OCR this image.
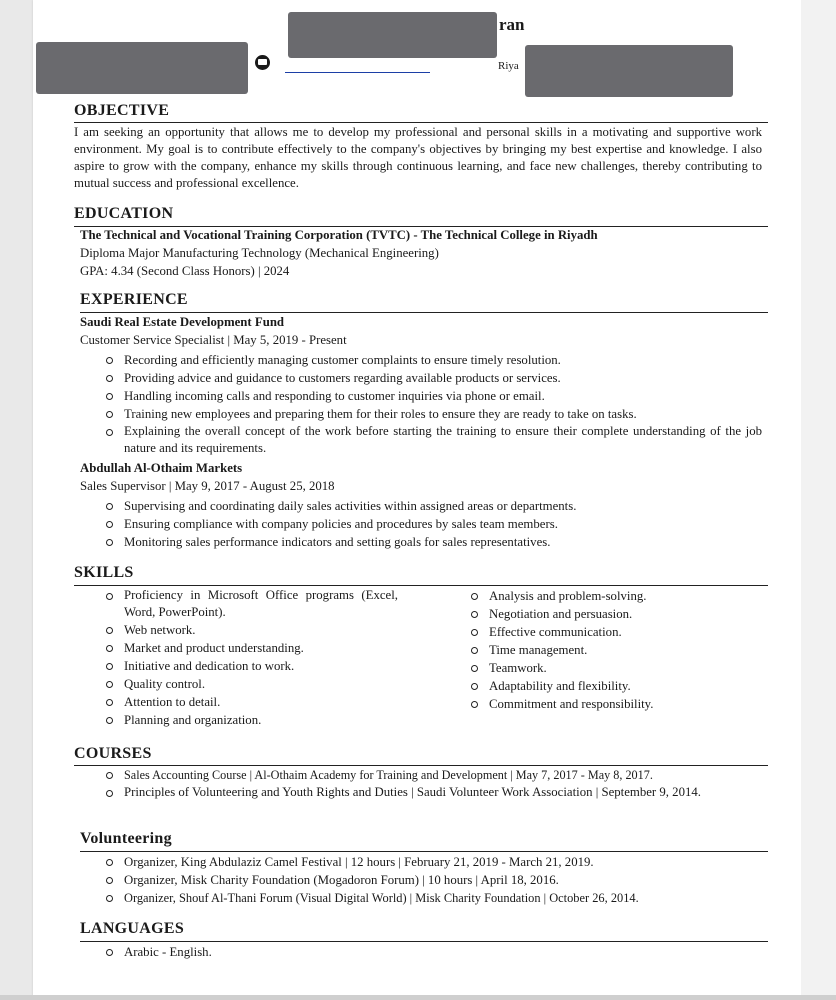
ran
Riya
OBJECTIVE
I am seeking an opportunity that allows me to develop my professional and personal skills in a motivating and supportive work environment. My goal is to contribute effectively to the company's objectives by bringing my best expertise and knowledge. I also aspire to grow with the company, enhance my skills through continuous learning, and face new challenges, thereby contributing to mutual success and professional excellence.
EDUCATION
The Technical and Vocational Training Corporation (TVTC) - The Technical College in Riyadh
Diploma Major Manufacturing Technology (Mechanical Engineering)
GPA: 4.34 (Second Class Honors) | 2024
EXPERIENCE
Saudi Real Estate Development Fund
Customer Service Specialist | May 5, 2019 - Present
Recording and efficiently managing customer complaints to ensure timely resolution.
Providing advice and guidance to customers regarding available products or services.
Handling incoming calls and responding to customer inquiries via phone or email.
Training new employees and preparing them for their roles to ensure they are ready to take on tasks.
Explaining the overall concept of the work before starting the training to ensure their complete understanding of the job nature and its requirements.
Abdullah Al-Othaim Markets
Sales Supervisor | May 9, 2017 - August 25, 2018
Supervising and coordinating daily sales activities within assigned areas or departments.
Ensuring compliance with company policies and procedures by sales team members.
Monitoring sales performance indicators and setting goals for sales representatives.
SKILLS
Proficiency in Microsoft Office programs (Excel, Word, PowerPoint).
Web network.
Market and product understanding.
Initiative and dedication to work.
Quality control.
Attention to detail.
Planning and organization.
Analysis and problem-solving.
Negotiation and persuasion.
Effective communication.
Time management.
Teamwork.
Adaptability and flexibility.
Commitment and responsibility.
COURSES
Sales Accounting Course | Al-Othaim Academy for Training and Development | May 7, 2017 - May 8, 2017.
Principles of Volunteering and Youth Rights and Duties | Saudi Volunteer Work Association | September 9, 2014.
Volunteering
Organizer, King Abdulaziz Camel Festival | 12 hours | February 21, 2019 - March 21, 2019.
Organizer, Misk Charity Foundation (Mogadoron Forum) | 10 hours | April 18, 2016.
Organizer, Shouf Al-Thani Forum (Visual Digital World) | Misk Charity Foundation | October 26, 2014.
LANGUAGES
Arabic - English.
